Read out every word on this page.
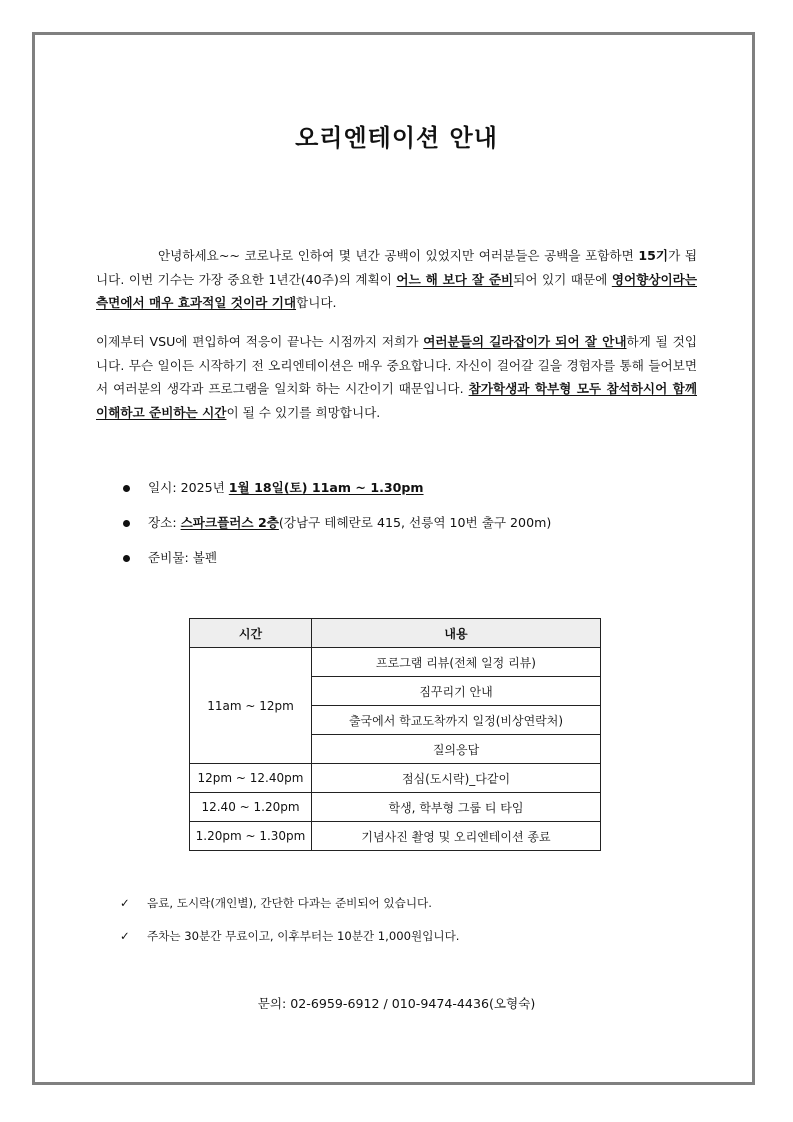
오리엔테이션 안내
안녕하세요~~ 코로나로 인하여 몇 년간 공백이 있었지만 여러분들은 공백을 포함하면 15기가 됩니다. 이번 기수는 가장 중요한 1년간(40주)의 계획이 어느 해 보다 잘 준비되어 있기 때문에 영어향상이라는 측면에서 매우 효과적일 것이라 기대합니다.
이제부터 VSU에 편입하여 적응이 끝나는 시점까지 저희가 여러분들의 길라잡이가 되어 잘 안내하게 될 것입니다. 무슨 일이든 시작하기 전 오리엔테이션은 매우 중요합니다. 자신이 걸어갈 길을 경험자를 통해 들어보면서 여러분의 생각과 프로그램을 일치화 하는 시간이기 때문입니다. 참가학생과 학부형 모두 참석하시어 함께 이해하고 준비하는 시간이 될 수 있기를 희망합니다.
일시: 2025년 1월 18일(토) 11am ~ 1.30pm
장소: 스파크플러스 2층(강남구 테헤란로 415, 선릉역 10번 출구 200m)
준비물: 볼펜
시간	내용
11am ~ 12pm	프로그램 리뷰(전체 일정 리뷰)
	짐꾸리기 안내
	출국에서 학교도착까지 일정(비상연락처)
	질의응답
12pm ~ 12.40pm	점심(도시락)_다같이
12.40 ~ 1.20pm	학생, 학부형 그룹 티 타임
1.20pm ~ 1.30pm	기념사진 촬영 및 오리엔테이션 종료
✓	음료, 도시락(개인별), 간단한 다과는 준비되어 있습니다.
✓	주차는 30분간 무료이고, 이후부터는 10분간 1,000원입니다.
문의: 02-6959-6912 / 010-9474-4436(오형숙)
